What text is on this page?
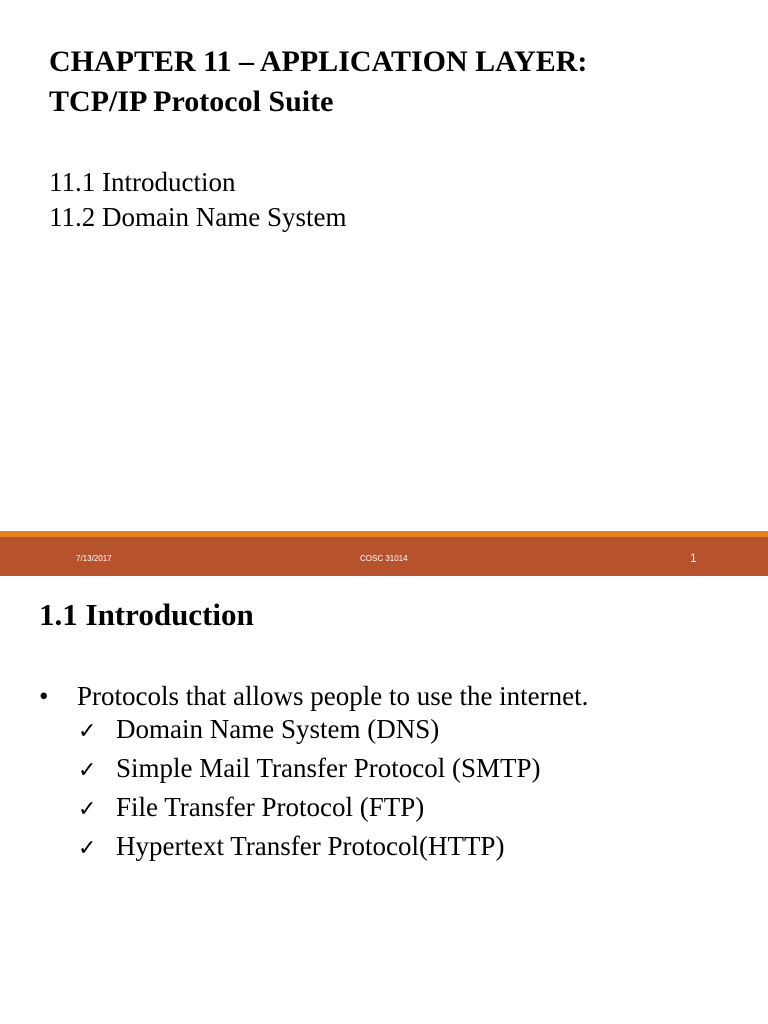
CHAPTER 11 – APPLICATION LAYER:
TCP/IP Protocol Suite
11.1 Introduction
11.2 Domain Name System
7/13/2017	COSC 31014	1
1.1 Introduction
• Protocols that allows people to use the internet.
✓ Domain Name System (DNS)
✓ Simple Mail Transfer Protocol (SMTP)
✓ File Transfer Protocol (FTP)
✓ Hypertext Transfer Protocol(HTTP)
